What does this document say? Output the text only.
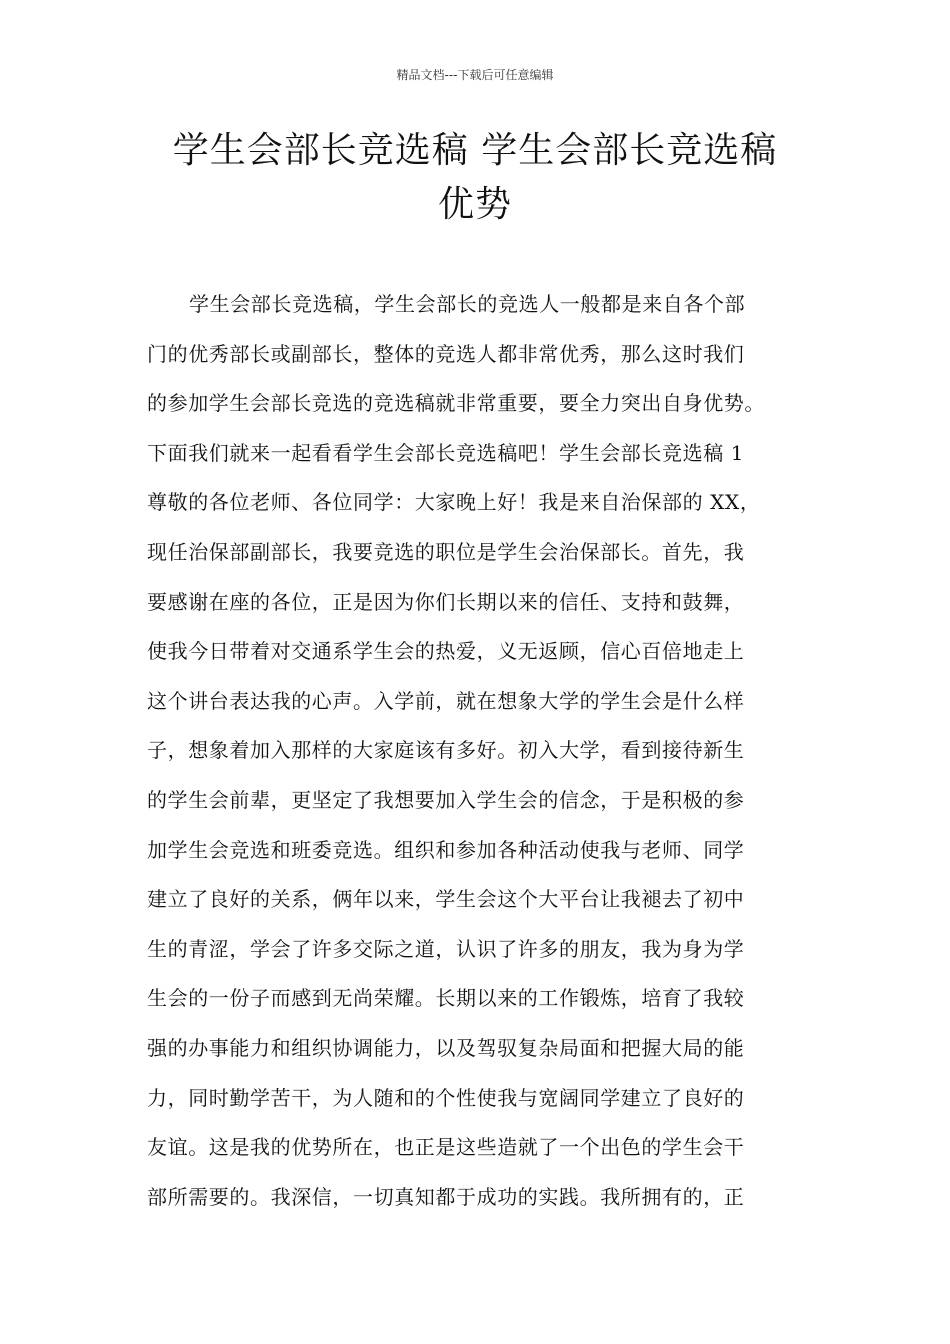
精品文档---下载后可任意编辑
学生会部长竞选稿 学生会部长竞选稿
优势
学生会部长竞选稿，学生会部长的竞选人一般都是来自各个部
门的优秀部长或副部长，整体的竞选人都非常优秀，那么这时我们
的参加学生会部长竞选的竞选稿就非常重要，要全力突出自身优势。
下面我们就来一起看看学生会部长竞选稿吧！学生会部长竞选稿 1
尊敬的各位老师、各位同学：大家晚上好！我是来自治保部的 XX，
现任治保部副部长，我要竞选的职位是学生会治保部长。首先，我
要感谢在座的各位，正是因为你们长期以来的信任、支持和鼓舞，
使我今日带着对交通系学生会的热爱，义无返顾，信心百倍地走上
这个讲台表达我的心声。入学前，就在想象大学的学生会是什么样
子，想象着加入那样的大家庭该有多好。初入大学，看到接待新生
的学生会前辈，更坚定了我想要加入学生会的信念，于是积极的参
加学生会竞选和班委竞选。组织和参加各种活动使我与老师、同学
建立了良好的关系，俩年以来，学生会这个大平台让我褪去了初中
生的青涩，学会了许多交际之道，认识了许多的朋友，我为身为学
生会的一份子而感到无尚荣耀。长期以来的工作锻炼，培育了我较
强的办事能力和组织协调能力，以及驾驭复杂局面和把握大局的能
力，同时勤学苦干，为人随和的个性使我与宽阔同学建立了良好的
友谊。这是我的优势所在，也正是这些造就了一个出色的学生会干
部所需要的。我深信，一切真知都于成功的实践。我所拥有的，正
